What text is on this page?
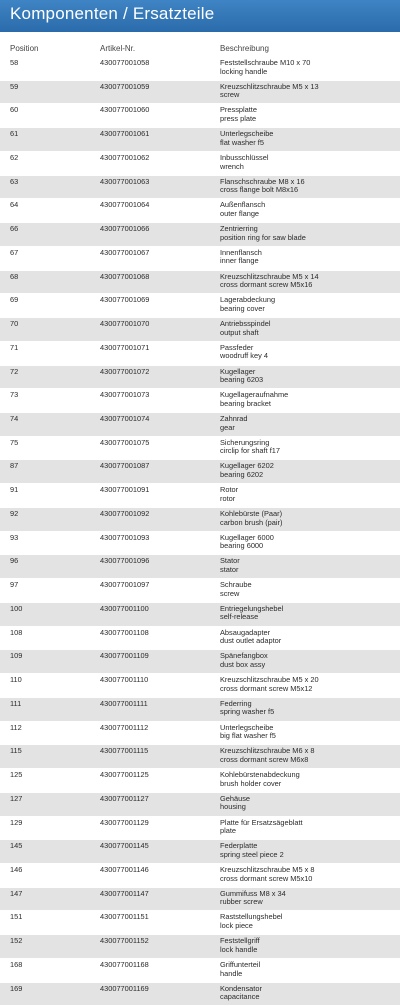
Komponenten / Ersatzteile
Position	Artikel-Nr.	Beschreibung
58	430077001058	Feststellschraube M10 x 70
locking handle
59	430077001059	Kreuzschlitzschraube M5 x 13
screw
60	430077001060	Pressplatte
press plate
61	430077001061	Unterlegscheibe
flat washer f5
62	430077001062	Inbusschlüssel
wrench
63	430077001063	Flanschschraube M8 x 16
cross flange bolt M8x16
64	430077001064	Außenflansch
outer flange
66	430077001066	Zentrierring
position ring for saw blade
67	430077001067	Innenflansch
inner flange
68	430077001068	Kreuzschlitzschraube M5 x 14
cross dormant screw M5x16
69	430077001069	Lagerabdeckung
bearing cover
70	430077001070	Antriebsspindel
output shaft
71	430077001071	Passfeder
woodruff key 4
72	430077001072	Kugellager
bearing 6203
73	430077001073	Kugellageraufnahme
bearing bracket
74	430077001074	Zahnrad
gear
75	430077001075	Sicherungsring
circlip for shaft f17
87	430077001087	Kugellager 6202
bearing 6202
91	430077001091	Rotor
rotor
92	430077001092	Kohlebürste (Paar)
carbon brush (pair)
93	430077001093	Kugellager 6000
bearing 6000
96	430077001096	Stator
stator
97	430077001097	Schraube
screw
100	430077001100	Entriegelungshebel
self-release
108	430077001108	Absaugadapter
dust outlet adaptor
109	430077001109	Spänefangbox
dust box assy
110	430077001110	Kreuzschlitzschraube M5 x 20
cross dormant screw M5x12
111	430077001111	Federring
spring washer f5
112	430077001112	Unterlegscheibe
big flat washer f5
115	430077001115	Kreuzschlitzschraube M6 x 8
cross dormant screw M6x8
125	430077001125	Kohlebürstenabdeckung
brush holder cover
127	430077001127	Gehäuse
housing
129	430077001129	Platte für Ersatzsägeblatt
plate
145	430077001145	Federplatte
spring steel piece 2
146	430077001146	Kreuzschlitzschraube M5 x 8
cross dormant screw M5x10
147	430077001147	Gummifuss M8 x 34
rubber screw
151	430077001151	Raststellungshebel
lock piece
152	430077001152	Feststellgriff
lock handle
168	430077001168	Griffunterteil
handle
169	430077001169	Kondensator
capacitance
